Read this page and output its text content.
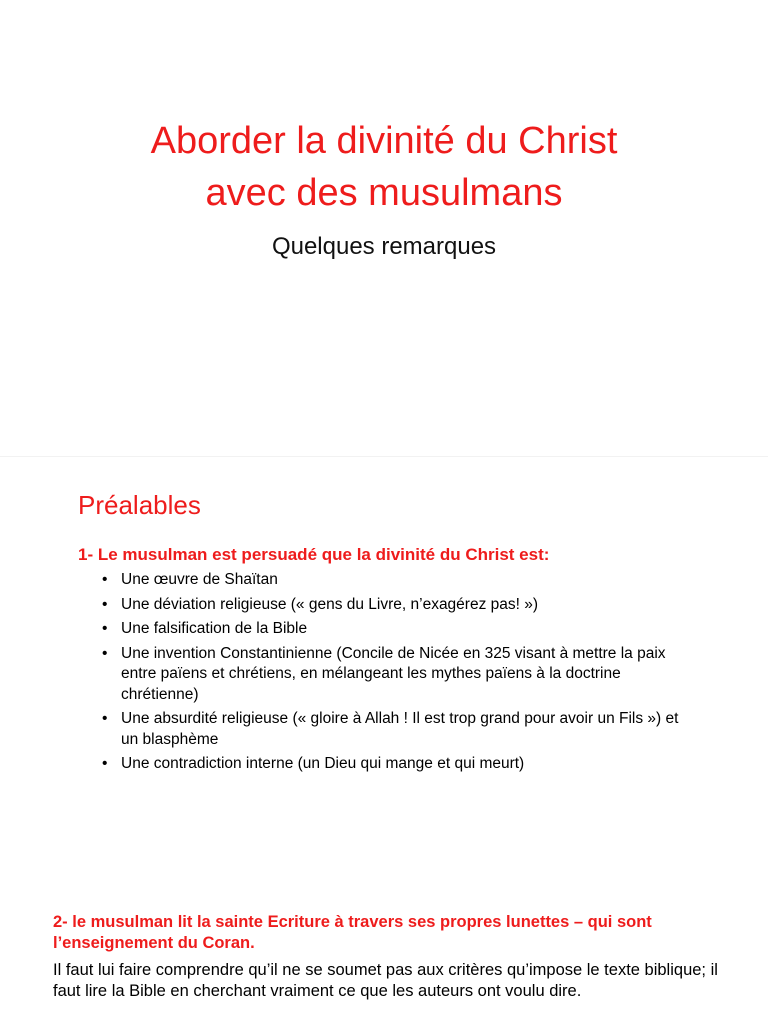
Aborder la divinité du Christ
avec des musulmans

Quelques remarques

Préalables

1- Le musulman est persuadé que la divinité du Christ est:

• Une œuvre de Shaïtan
• Une déviation religieuse (« gens du Livre, n’exagérez pas! »)
• Une falsification de la Bible
• Une invention Constantinienne (Concile de Nicée en 325 visant à mettre la paix entre païens et chrétiens, en mélangeant les mythes païens à la doctrine chrétienne)
• Une absurdité religieuse (« gloire à Allah ! Il est trop grand pour avoir un Fils ») et un blasphème
• Une contradiction interne (un Dieu qui mange et qui meurt)

2- le musulman lit la sainte Ecriture à travers ses propres lunettes – qui sont l’enseignement du Coran.

Il faut lui faire comprendre qu’il ne se soumet pas aux critères qu’impose le texte biblique; il faut lire la Bible en cherchant vraiment ce que les auteurs ont voulu dire.
